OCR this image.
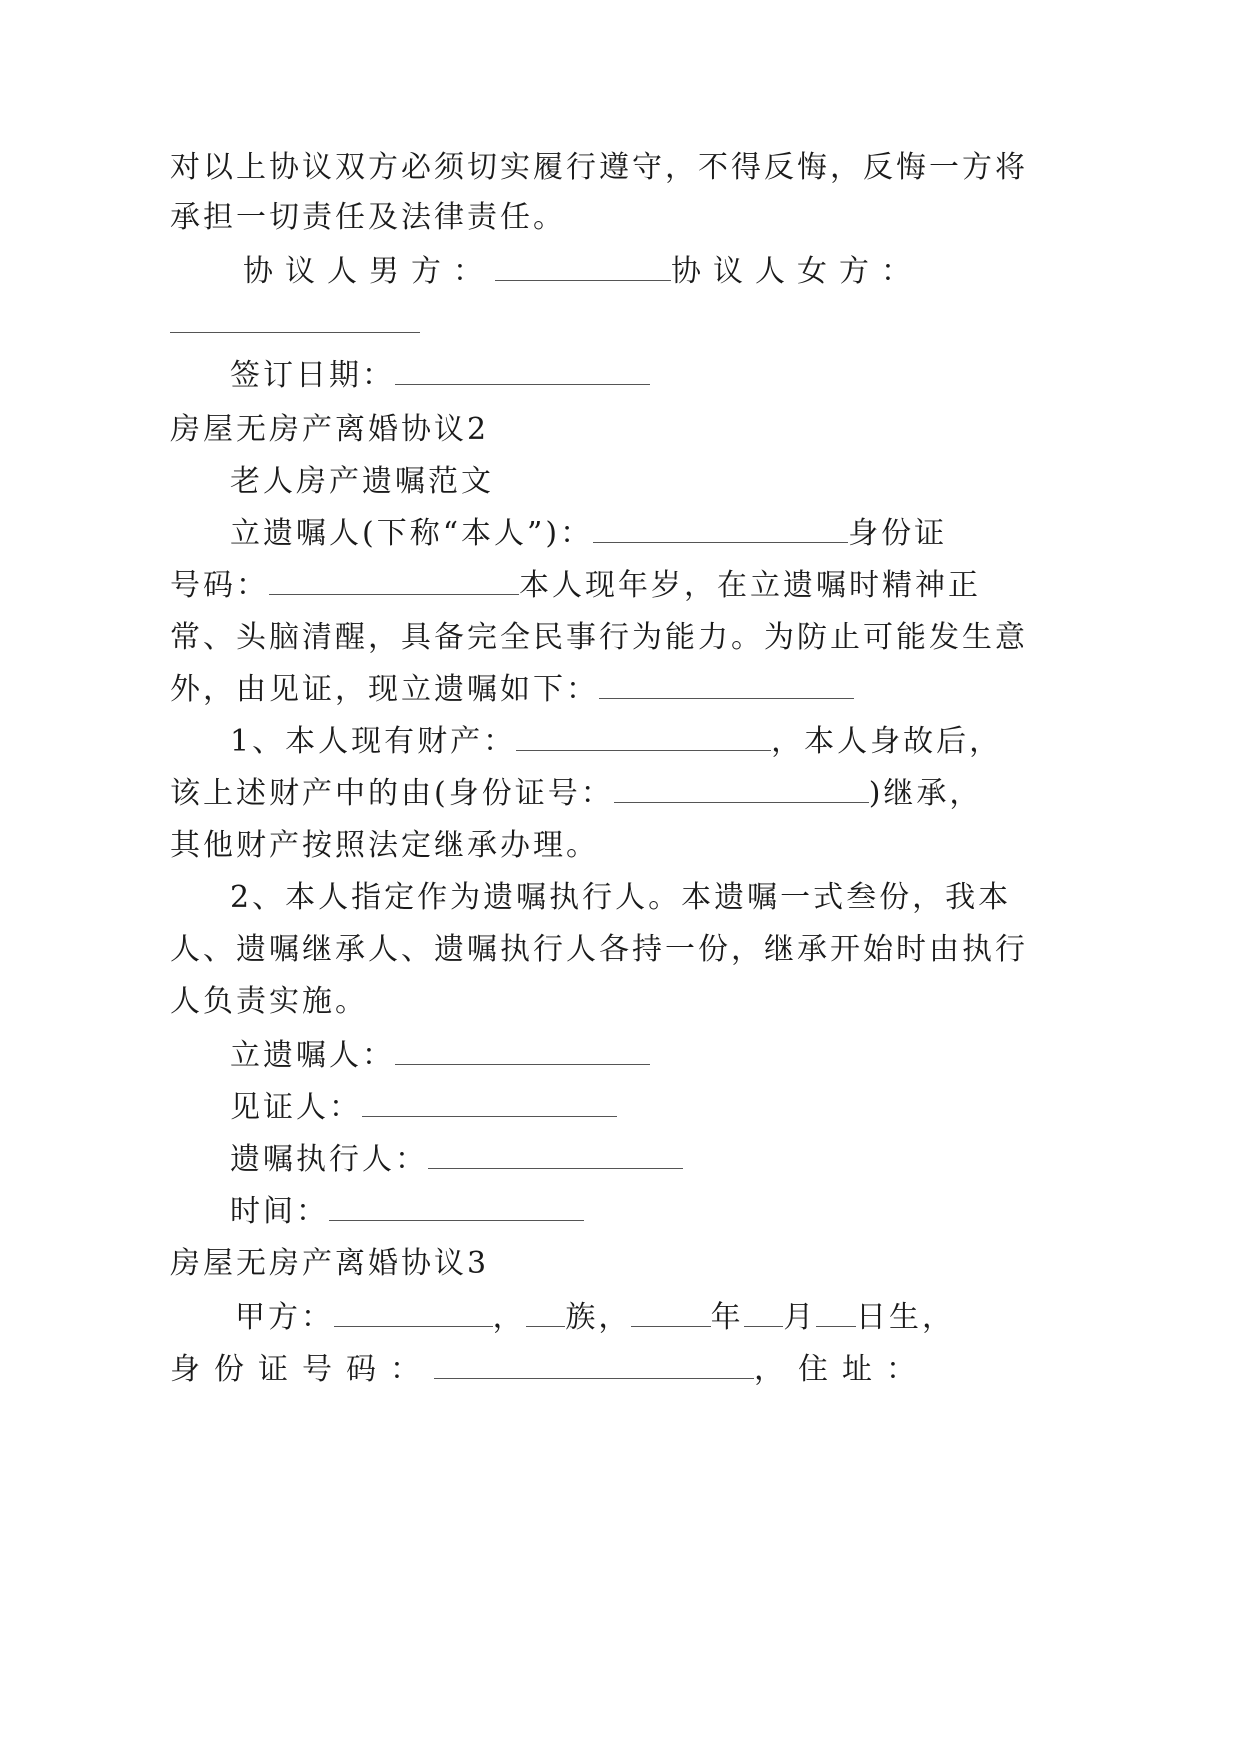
对以上协议双方必须切实履行遵守，不得反悔，反悔一方将
承担一切责任及法律责任。
协议人男方：	协议人女方：
签订日期：
房屋无房产离婚协议2
老人房产遗嘱范文
立遗嘱人(下称“本人”)：	身份证
号码：	本人现年岁，在立遗嘱时精神正
常、头脑清醒，具备完全民事行为能力。为防止可能发生意
外，由见证，现立遗嘱如下：
1、本人现有财产：	，本人身故后，
该上述财产中的由(身份证号：	)继承，
其他财产按照法定继承办理。
2、本人指定作为遗嘱执行人。本遗嘱一式叁份，我本
人、遗嘱继承人、遗嘱执行人各持一份，继承开始时由执行
人负责实施。
立遗嘱人：
见证人：
遗嘱执行人：
时间：
房屋无房产离婚协议3
甲方：	， 族，	年 月 日生，
身份证号码：	， 住址：
